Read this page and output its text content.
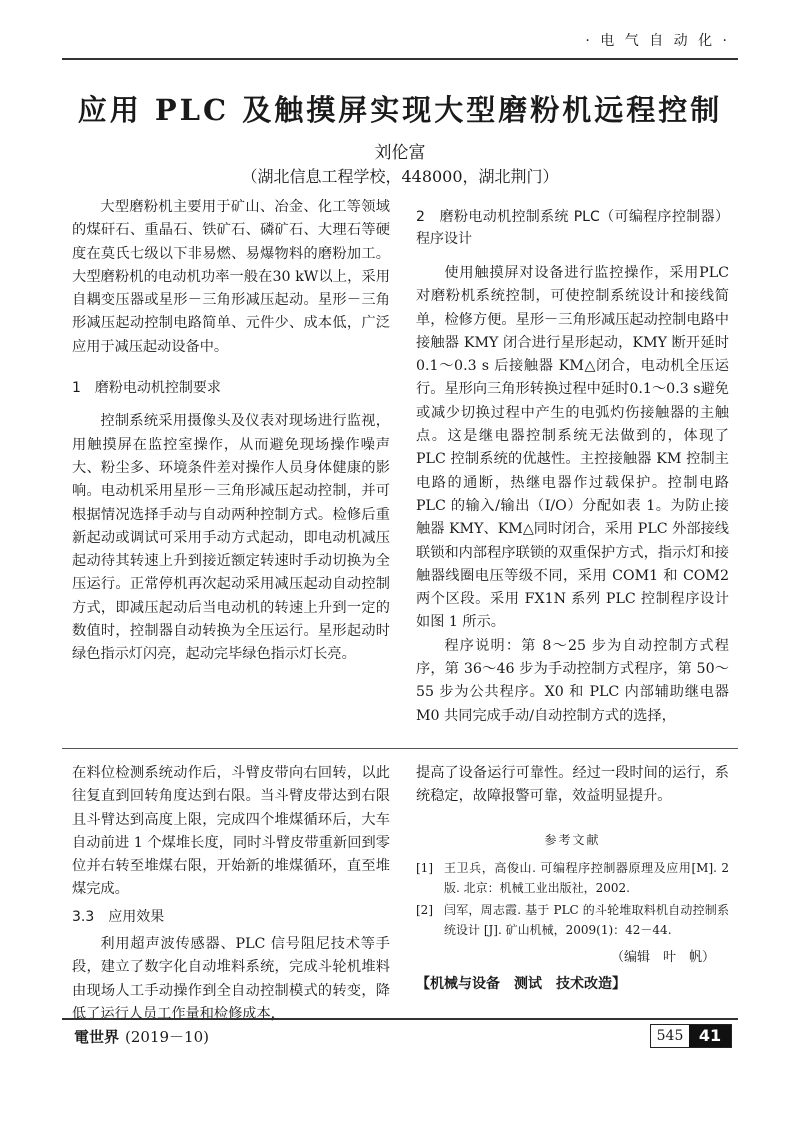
· 电 气 自 动 化 ·
应用 PLC 及触摸屏实现大型磨粉机远程控制
刘伦富
（湖北信息工程学校，448000，湖北荆门）

大型磨粉机主要用于矿山、冶金、化工等领域的煤矸石、重晶石、铁矿石、磷矿石、大理石等硬度在莫氏七级以下非易燃、易爆物料的磨粉加工。大型磨粉机的电动机功率一般在30 kW以上，采用自耦变压器或星形－三角形减压起动。星形－三角形减压起动控制电路简单、元件少、成本低，广泛应用于减压起动设备中。

1　磨粉电动机控制要求

控制系统采用摄像头及仪表对现场进行监视，用触摸屏在监控室操作，从而避免现场操作噪声大、粉尘多、环境条件差对操作人员身体健康的影响。电动机采用星形－三角形减压起动控制，并可根据情况选择手动与自动两种控制方式。检修后重新起动或调试可采用手动方式起动，即电动机减压起动待其转速上升到接近额定转速时手动切换为全压运行。正常停机再次起动采用减压起动自动控制方式，即减压起动后当电动机的转速上升到一定的数值时，控制器自动转换为全压运行。星形起动时绿色指示灯闪亮，起动完毕绿色指示灯长亮。

2　磨粉电动机控制系统 PLC（可编程序控制器）程序设计

使用触摸屏对设备进行监控操作，采用PLC对磨粉机系统控制，可使控制系统设计和接线简单，检修方便。星形－三角形减压起动控制电路中接触器 KMY 闭合进行星形起动，KMY 断开延时 0.1～0.3 s 后接触器 KM△闭合，电动机全压运行。星形向三角形转换过程中延时0.1～0.3 s避免或减少切换过程中产生的电弧灼伤接触器的主触点。这是继电器控制系统无法做到的，体现了 PLC 控制系统的优越性。主控接触器 KM 控制主电路的通断，热继电器作过载保护。控制电路 PLC 的输入/输出（I/O）分配如表 1。为防止接触器 KMY、KM△同时闭合，采用 PLC 外部接线联锁和内部程序联锁的双重保护方式，指示灯和接触器线圈电压等级不同，采用 COM1 和 COM2 两个区段。采用 FX1N 系列 PLC 控制程序设计如图 1 所示。

程序说明：第 8～25 步为自动控制方式程序，第 36～46 步为手动控制方式程序，第 50～55 步为公共程序。X0 和 PLC 内部辅助继电器 M0 共同完成手动/自动控制方式的选择，

在料位检测系统动作后，斗臂皮带向右回转，以此往复直到回转角度达到右限。当斗臂皮带达到右限且斗臂达到高度上限，完成四个堆煤循环后，大车自动前进 1 个煤堆长度，同时斗臂皮带重新回到零位并右转至堆煤右限，开始新的堆煤循环，直至堆煤完成。

3.3　应用效果

利用超声波传感器、PLC 信号阻尼技术等手段，建立了数字化自动堆料系统，完成斗轮机堆料由现场人工手动操作到全自动控制模式的转变，降低了运行人员工作量和检修成本，

提高了设备运行可靠性。经过一段时间的运行，系统稳定，故障报警可靠，效益明显提升。

参考文献
[1] 王卫兵，高俊山. 可编程序控制器原理及应用[M]. 2 版. 北京：机械工业出版社，2002.
[2] 闫军，周志霞. 基于 PLC 的斗轮堆取料机自动控制系统设计 [J]. 矿山机械，2009(1)：42－44.
（编辑　叶　帆）
【机械与设备　测试　技术改造】
電世界 (2019－10)	545 41
